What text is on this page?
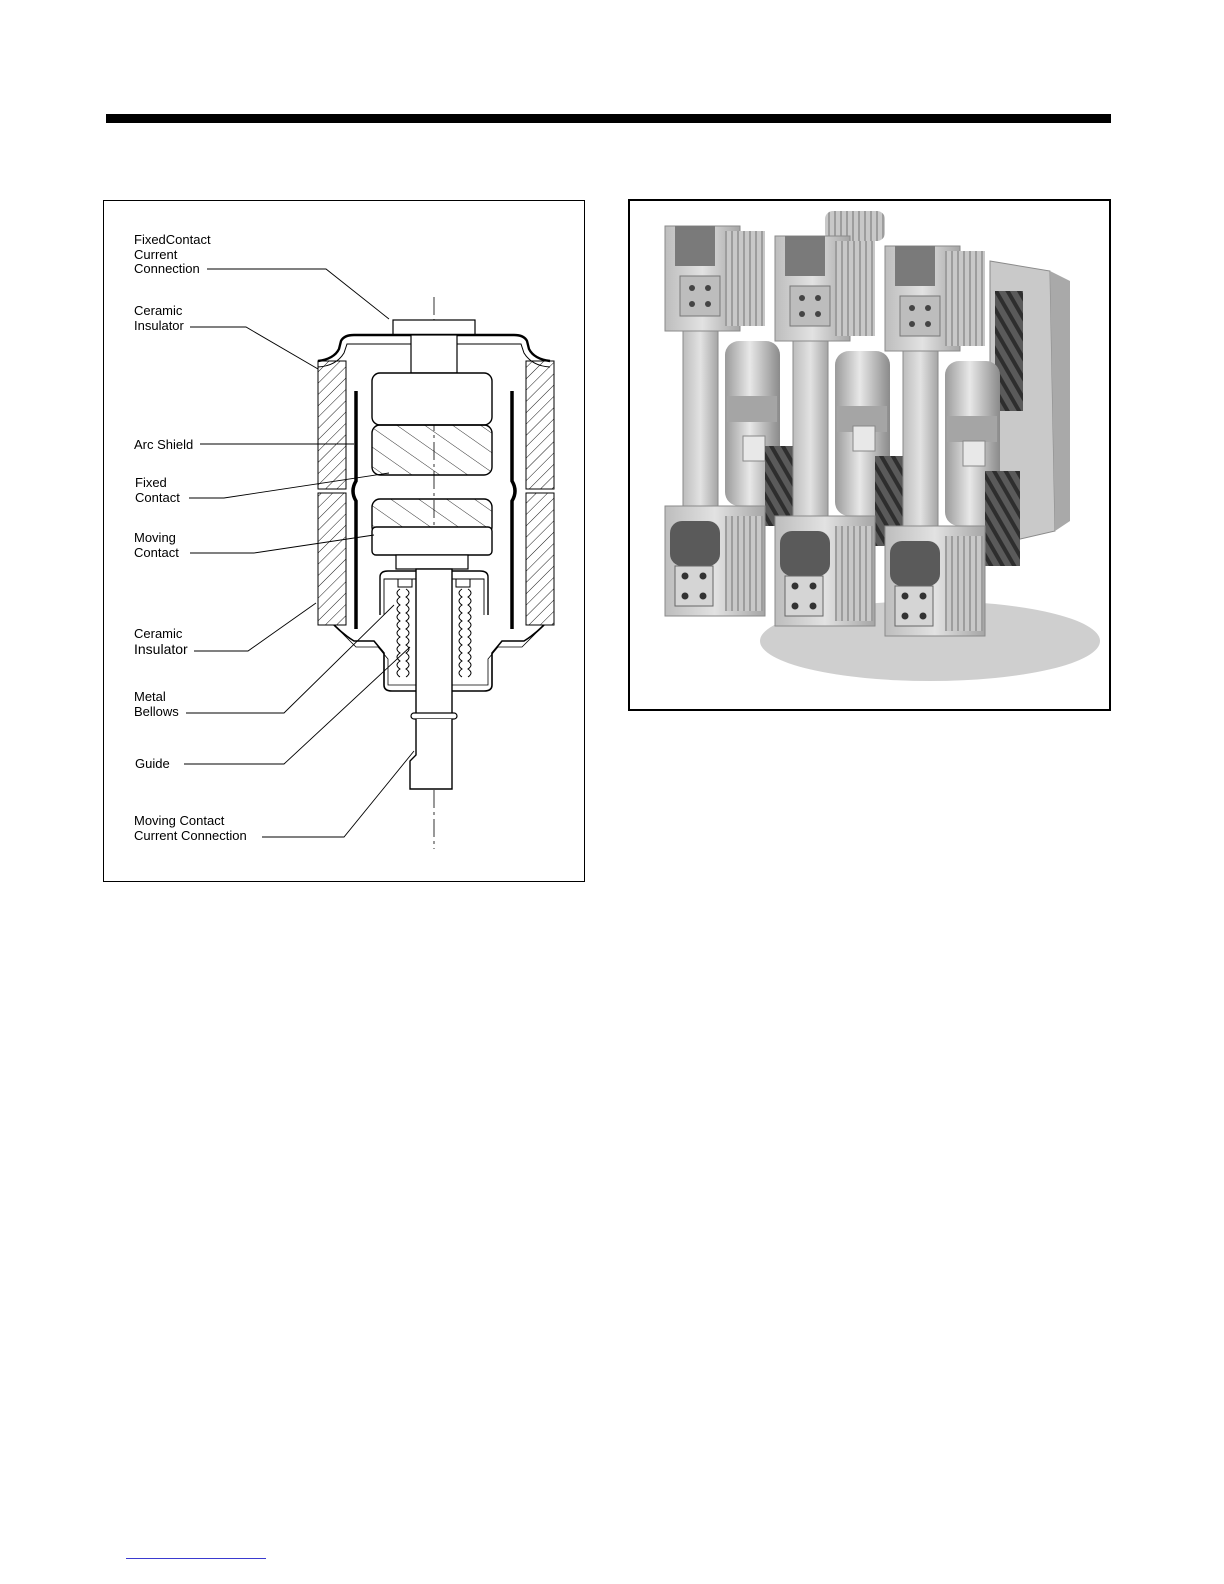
FixedContact
Current
Connection
Ceramic
Insulator
Arc Shield
Fixed
Contact
Moving
Contact
Ceramic
Insulator
Metal
Bellows
Guide
Moving Contact
Current Connection
